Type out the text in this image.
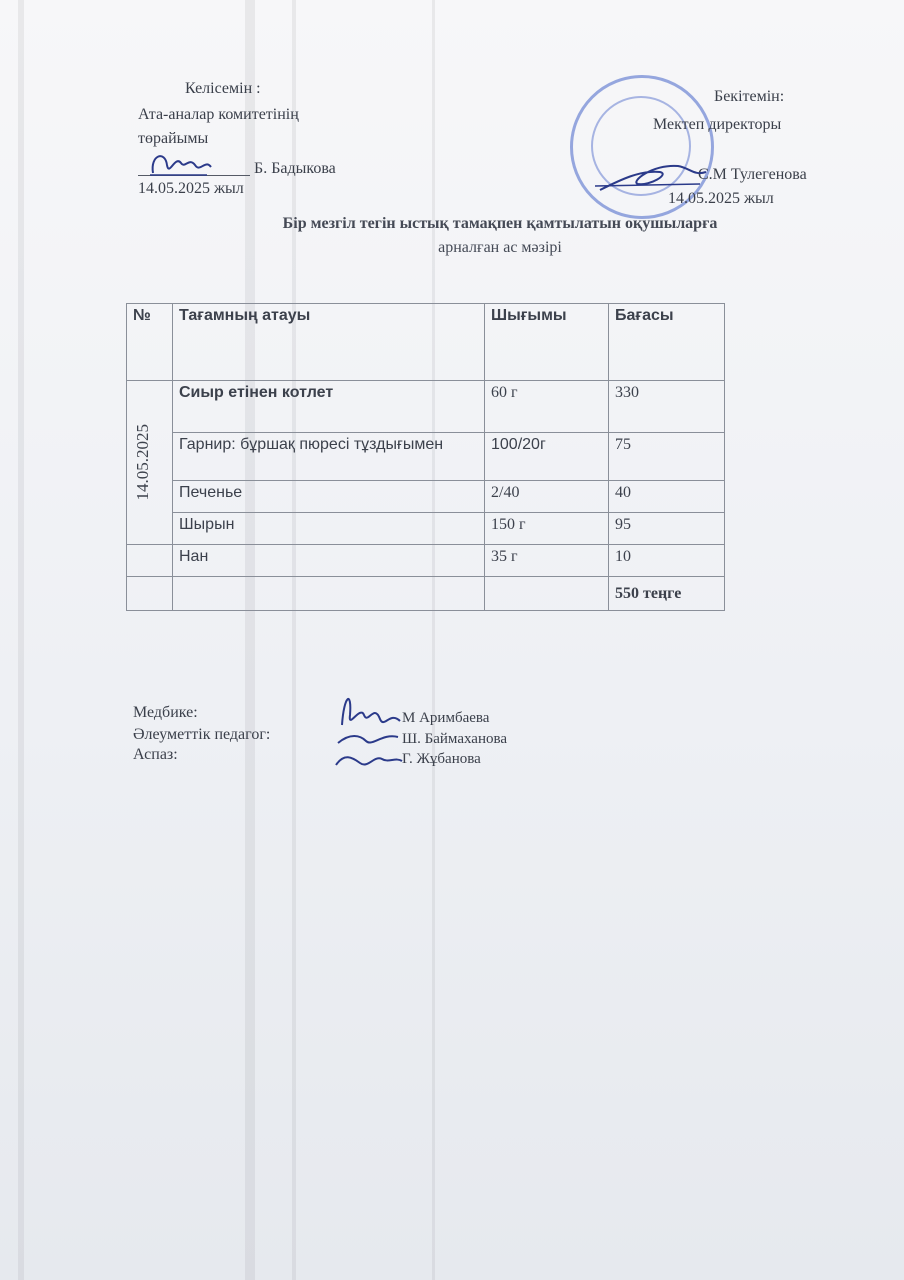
Келісемін :
Ата-аналар комитетінің
төрайымы
Б. Бадыкова
14.05.2025 жыл
Бекітемін:
Мектеп директоры
С.М Тулегенова
14.05.2025 жыл
Бір мезгіл тегін ыстық тамақпен қамтылатын оқушыларға
арналған ас мәзірі
№	Тағамның атауы	Шығымы	Бағасы

14.05.2025	Сиыр етінен котлет	60 г	330
	Гарнир: бұршақ пюресі тұздығымен	100/20г	75
	Печенье	2/40	40
	Шырын	150 г	95
	Нан	35 г	10
			550 теңге
Медбике:
Әлеуметтік педагог:
Аспаз:
М Аримбаева
Ш. Баймаханова
Г. Жұбанова
